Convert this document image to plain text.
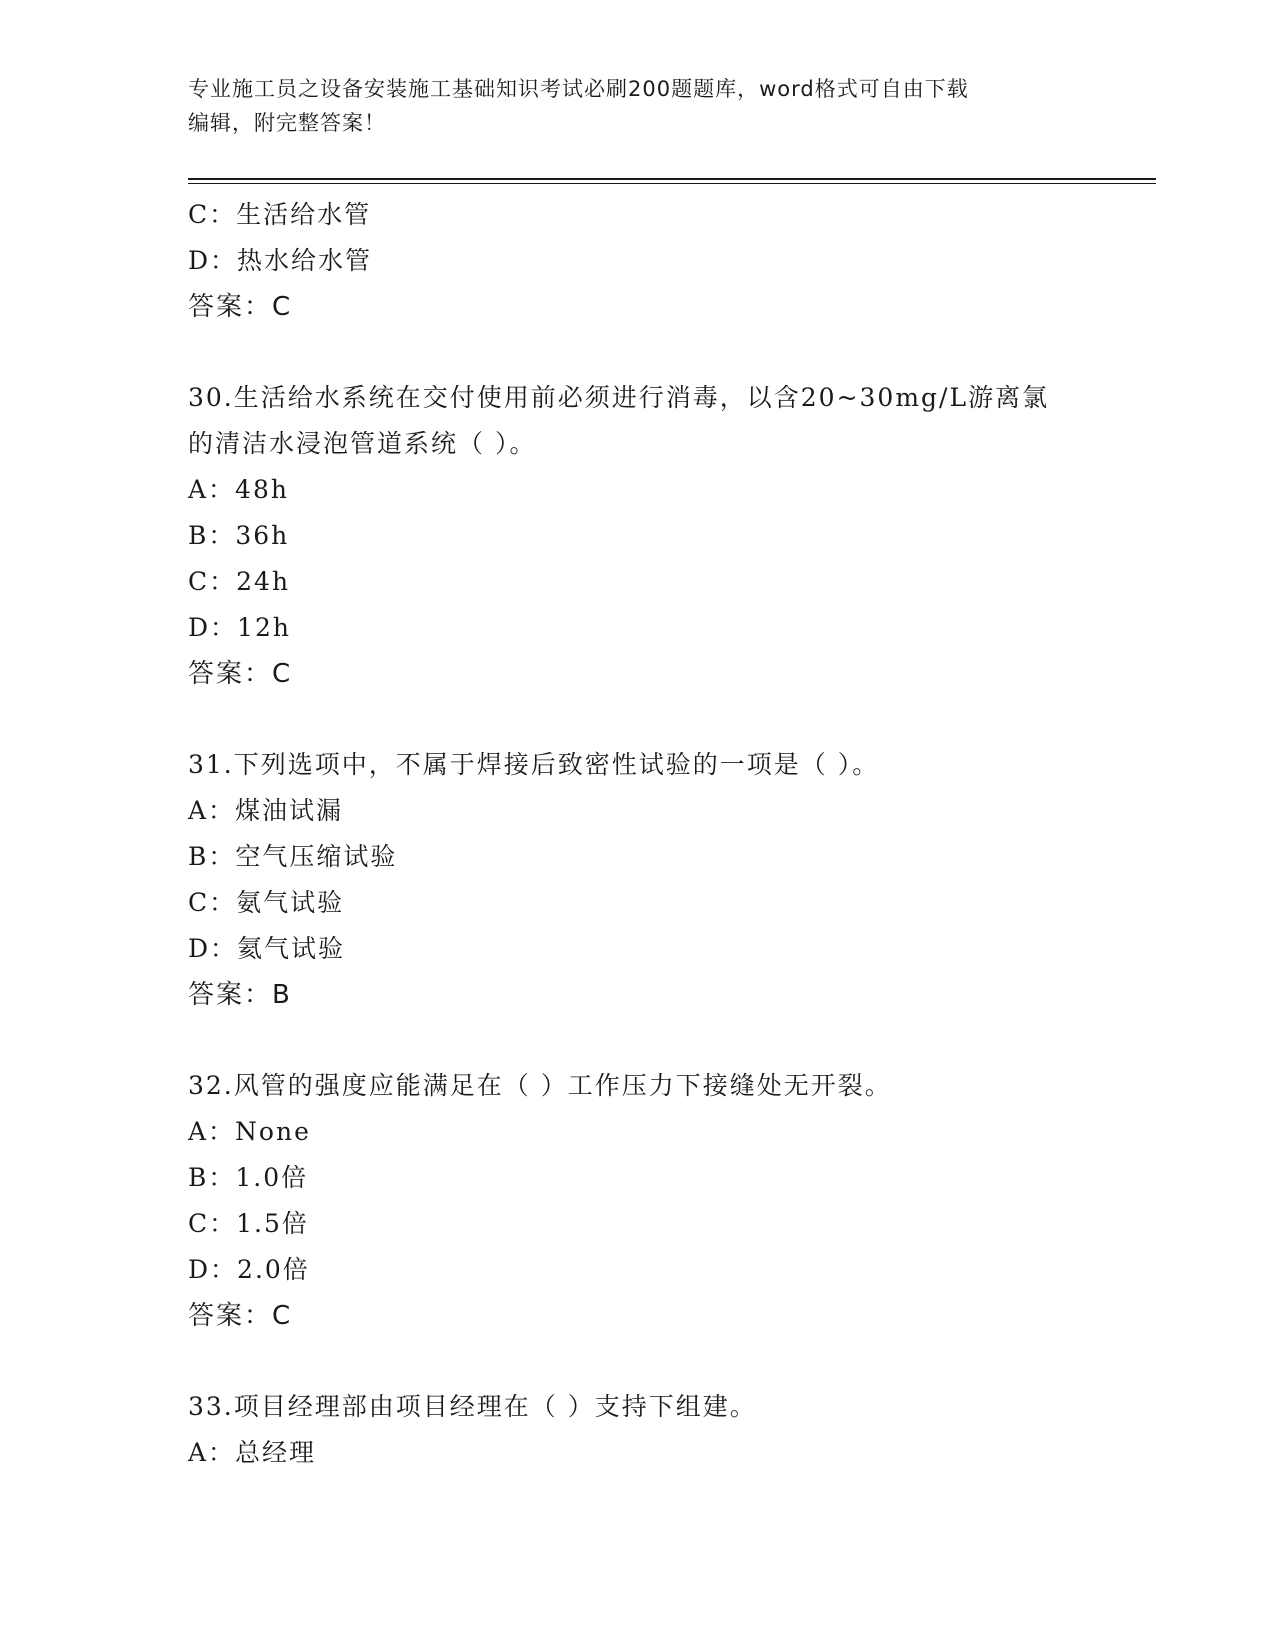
专业施工员之设备安装施工基础知识考试必刷200题题库，word格式可自由下载
编辑，附完整答案！
C：生活给水管
D：热水给水管
答案：C
30.生活给水系统在交付使用前必须进行消毒，以含20~30mg/L游离氯
的清洁水浸泡管道系统（ ）。
A：48h
B：36h
C：24h
D：12h
答案：C
31.下列选项中，不属于焊接后致密性试验的一项是（ ）。
A：煤油试漏
B：空气压缩试验
C：氨气试验
D：氦气试验
答案：B
32.风管的强度应能满足在（ ）工作压力下接缝处无开裂。
A：None
B：1.0倍
C：1.5倍
D：2.0倍
答案：C
33.项目经理部由项目经理在（ ）支持下组建。
A：总经理
